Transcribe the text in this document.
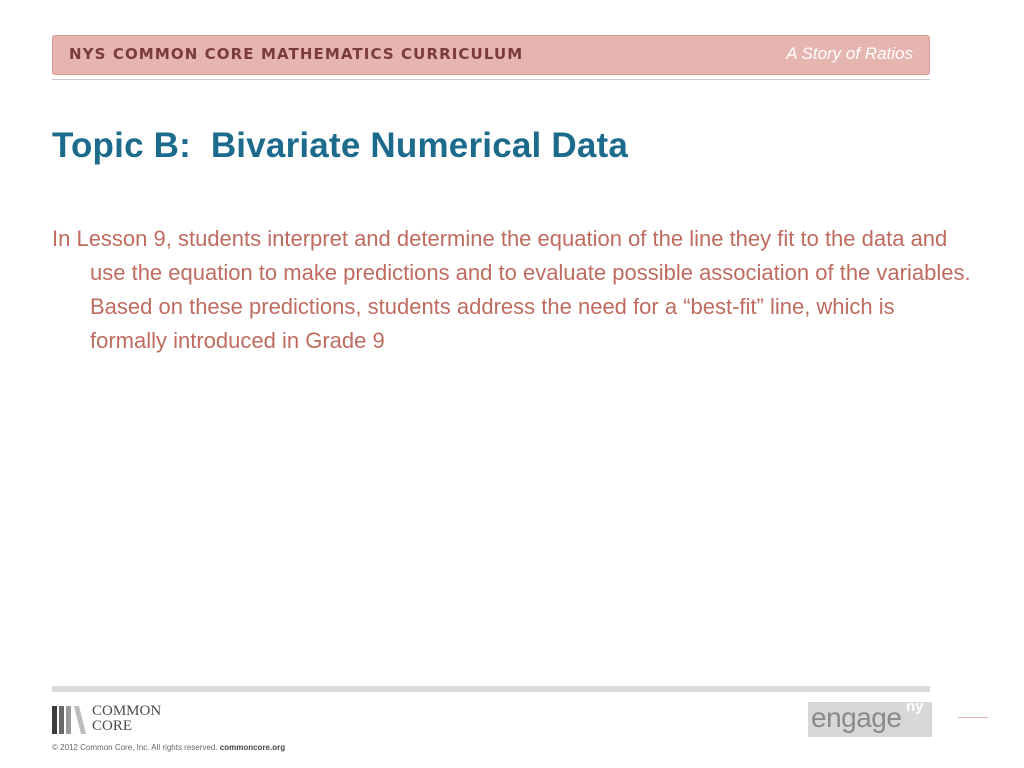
NYS COMMON CORE MATHEMATICS CURRICULUM	A Story of Ratios
Topic B:  Bivariate Numerical Data

In Lesson 9, students interpret and determine the equation of the line they fit to the data and use the equation to make predictions and to evaluate possible association of the variables.  Based on these predictions, students address the need for a “best-fit” line, which is formally introduced in Grade 9

COMMON
CORE
© 2012 Common Core, Inc. All rights reserved. commoncore.org
engage ny
